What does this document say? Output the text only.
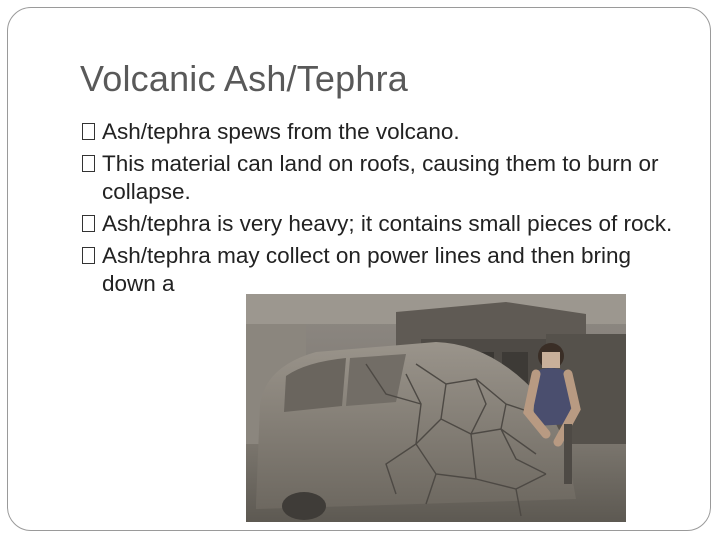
Volcanic Ash/Tephra
Ash/tephra spews from the volcano.
This material can land on roofs, causing them to burn or collapse.
Ash/tephra is very heavy; it contains small pieces of rock.
Ash/tephra may collect on power lines and then bring down a
